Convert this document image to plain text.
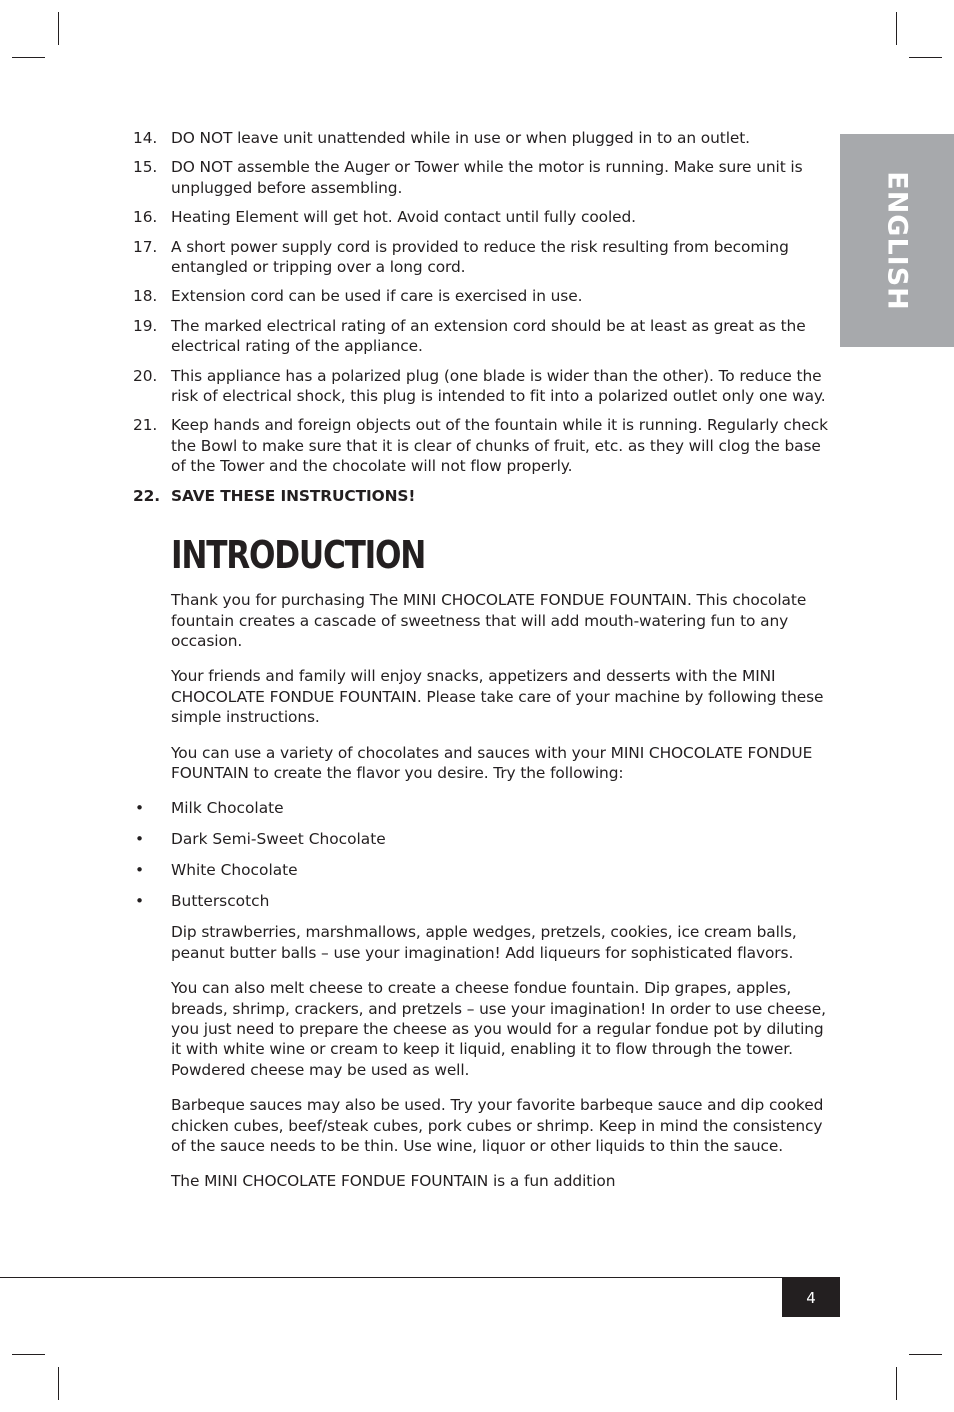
ENGLISH
14. DO NOT leave unit unattended while in use or when plugged in to an outlet.
15. DO NOT assemble the Auger or Tower while the motor is running. Make sure unit is unplugged before assembling.
16. Heating Element will get hot. Avoid contact until fully cooled.
17. A short power supply cord is provided to reduce the risk resulting from becoming entangled or tripping over a long cord.
18. Extension cord can be used if care is exercised in use.
19. The marked electrical rating of an extension cord should be at least as great as the electrical rating of the appliance.
20. This appliance has a polarized plug (one blade is wider than the other). To reduce the risk of electrical shock, this plug is intended to fit into a polarized outlet only one way.
21. Keep hands and foreign objects out of the fountain while it is running. Regularly check the Bowl to make sure that it is clear of chunks of fruit, etc. as they will clog the base of the Tower and the chocolate will not flow properly.
22. SAVE THESE INSTRUCTIONS!
INTRODUCTION
Thank you for purchasing The MINI CHOCOLATE FONDUE FOUNTAIN. This chocolate fountain creates a cascade of sweetness that will add mouth-watering fun to any occasion.
Your friends and family will enjoy snacks, appetizers and desserts with the MINI CHOCOLATE FONDUE FOUNTAIN. Please take care of your machine by following these simple instructions.
You can use a variety of chocolates and sauces with your MINI CHOCOLATE FONDUE FOUNTAIN to create the flavor you desire. Try the following:
• Milk Chocolate
• Dark Semi-Sweet Chocolate
• White Chocolate
• Butterscotch
Dip strawberries, marshmallows, apple wedges, pretzels, cookies, ice cream balls, peanut butter balls – use your imagination! Add liqueurs for sophisticated flavors.
You can also melt cheese to create a cheese fondue fountain. Dip grapes, apples, breads, shrimp, crackers, and pretzels – use your imagination! In order to use cheese, you just need to prepare the cheese as you would for a regular fondue pot by diluting it with white wine or cream to keep it liquid, enabling it to flow through the tower. Powdered cheese may be used as well.
Barbeque sauces may also be used. Try your favorite barbeque sauce and dip cooked chicken cubes, beef/steak cubes, pork cubes or shrimp. Keep in mind the consistency of the sauce needs to be thin. Use wine, liquor or other liquids to thin the sauce.
The MINI CHOCOLATE FONDUE FOUNTAIN is a fun addition
4
